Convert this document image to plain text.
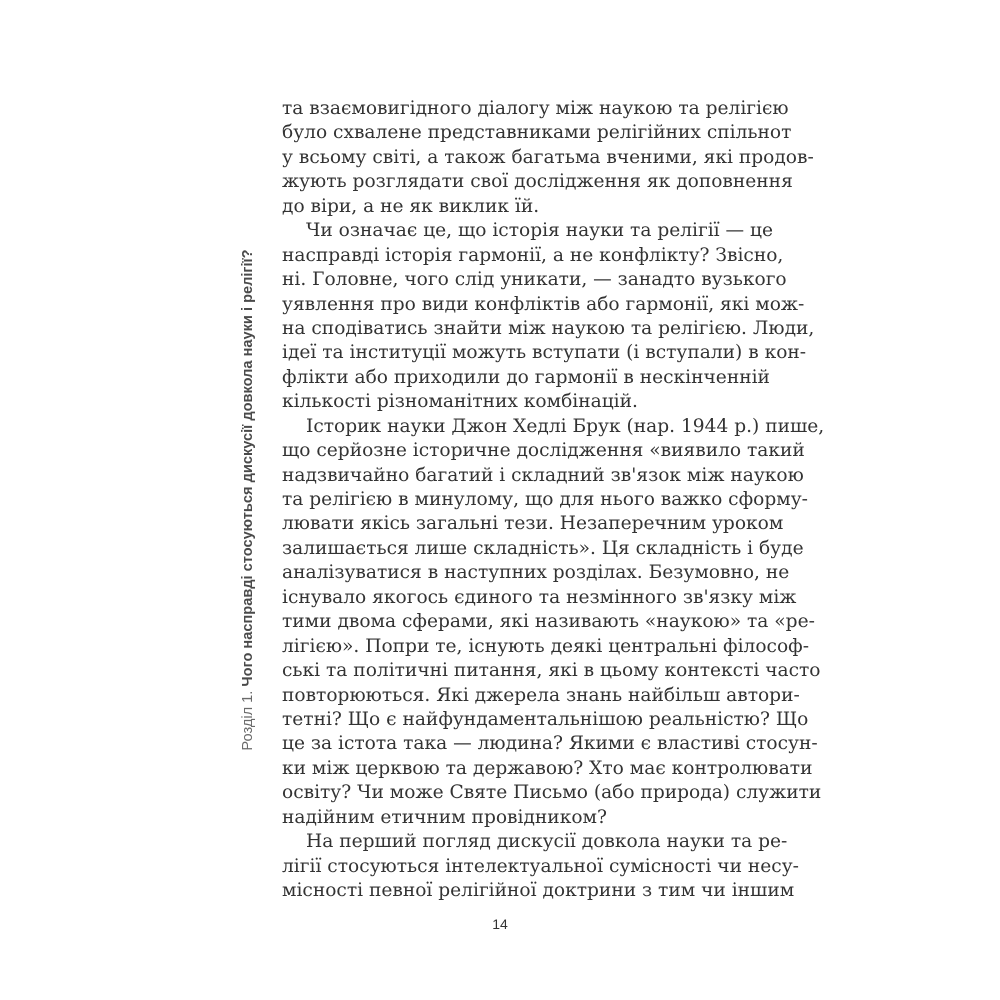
Розділ 1. Чого насправді стосуються дискусії довкола науки і релігії?
та взаємовигідного діалогу між наукою та релігією
було схвалене представниками релігійних спільнот
у всьому світі, а також багатьма вченими, які продов-
жують розглядати свої дослідження як доповнення
до віри, а не як виклик їй.
Чи означає це, що історія науки та релігії — це
насправді історія гармонії, а не конфлікту? Звісно,
ні. Головне, чого слід уникати, — занадто вузького
уявлення про види конфліктів або гармонії, які мож-
на сподіватись знайти між наукою та релігією. Люди,
ідеї та інституції можуть вступати (і вступали) в кон-
флікти або приходили до гармонії в нескінченній
кількості різноманітних комбінацій.
Історик науки Джон Хедлі Брук (нар. 1944 р.) пише,
що серйозне історичне дослідження «виявило такий
надзвичайно багатий і складний зв'язок між наукою
та релігією в минулому, що для нього важко сформу-
лювати якісь загальні тези. Незаперечним уроком
залишається лише складність». Ця складність і буде
аналізуватися в наступних розділах. Безумовно, не
існувало якогось єдиного та незмінного зв'язку між
тими двома сферами, які називають «наукою» та «ре-
лігією». Попри те, існують деякі центральні філософ-
ські та політичні питання, які в цьому контексті часто
повторюються. Які джерела знань найбільш автори-
тетні? Що є найфундаментальнішою реальністю? Що
це за істота така — людина? Якими є властиві стосун-
ки між церквою та державою? Хто має контролювати
освіту? Чи може Святе Письмо (або природа) служити
надійним етичним провідником?
На перший погляд дискусії довкола науки та ре-
лігії стосуються інтелектуальної сумісності чи несу-
місності певної релігійної доктрини з тим чи іншим
14
